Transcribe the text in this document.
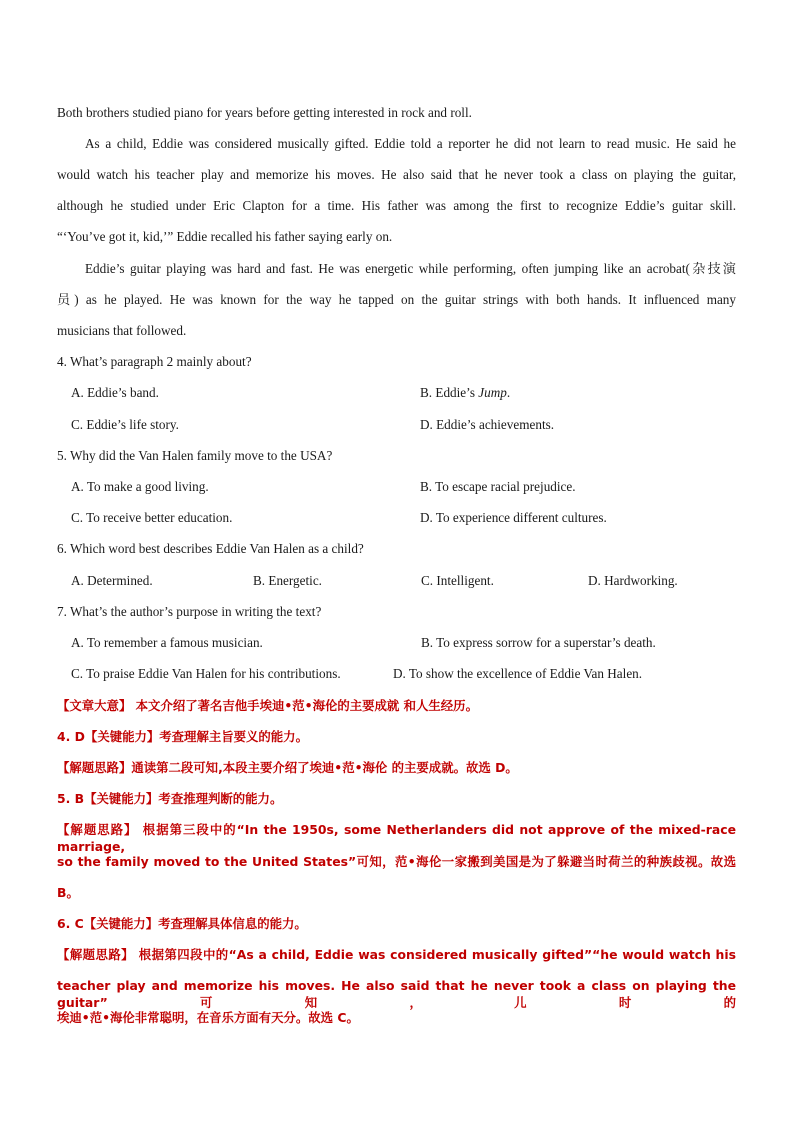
Both brothers studied piano for years before getting interested in rock and roll.
As a child, Eddie was considered musically gifted. Eddie told a reporter he did not learn to read music. He said he
would watch his teacher play and memorize his moves. He also said that he never took a class on playing the guitar,
although he studied under Eric Clapton for a time. His father was among the first to recognize Eddie’s guitar skill.
“‘You’ve got it, kid,’” Eddie recalled his father saying early on.
Eddie’s guitar playing was hard and fast. He was energetic while performing, often jumping like an acrobat(杂技演
员) as he played. He was known for the way he tapped on the guitar strings with both hands. It influenced many
musicians that followed.
4. What’s paragraph 2 mainly about?
A. Eddie’s band.	B. Eddie’s Jump.
C. Eddie’s life story.	D. Eddie’s achievements.
5. Why did the Van Halen family move to the USA?
A. To make a good living.	B. To escape racial prejudice.
C. To receive better education.	D. To experience different cultures.
6. Which word best describes Eddie Van Halen as a child?
A. Determined.	B. Energetic.	C. Intelligent.	D. Hardworking.
7. What’s the author’s purpose in writing the text?
A. To remember a famous musician.	B. To express sorrow for a superstar’s death.
C. To praise Eddie Van Halen for his contributions.	D. To show the excellence of Eddie Van Halen.
【文章大意】 本文介绍了著名吉他手埃迪•范•海伦的主要成就 和人生经历。
4. D【关键能力】考查理解主旨要义的能力。
【解题思路】通读第二段可知,本段主要介绍了埃迪•范•海伦 的主要成就。故选 D。
5. B【关键能力】考查推理判断的能力。
【解题思路】 根据第三段中的“In the 1950s, some Netherlanders did not approve of the mixed-race marriage,
so the family moved to the United States”可知，范•海伦一家搬到美国是为了躲避当时荷兰的种族歧视。故选
B。
6. C【关键能力】考查理解具体信息的能力。
【解题思路】 根据第四段中的“As a child, Eddie was considered musically gifted”“he would watch his
teacher play and memorize his moves. He also said that he never took a class on playing the guitar”可知，儿时的
埃迪•范•海伦非常聪明，在音乐方面有天分。故选 C。
